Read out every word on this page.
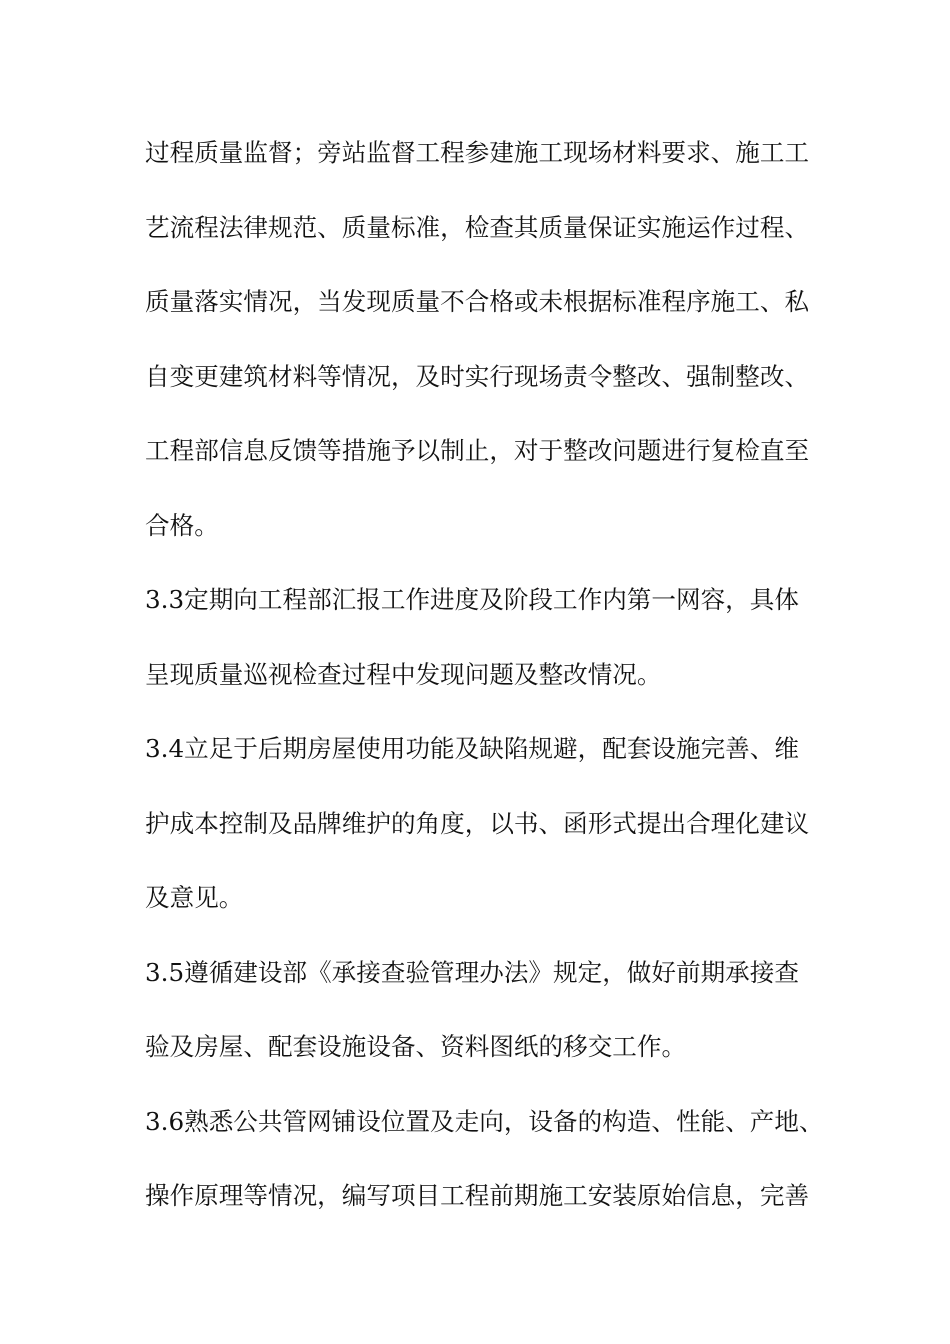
过程质量监督；旁站监督工程参建施工现场材料要求、施工工

艺流程法律规范、质量标准，检查其质量保证实施运作过程、

质量落实情况，当发现质量不合格或未根据标准程序施工、私

自变更建筑材料等情况，及时实行现场责令整改、强制整改、

工程部信息反馈等措施予以制止，对于整改问题进行复检直至

合格。

3.3定期向工程部汇报工作进度及阶段工作内第一网容，具体

呈现质量巡视检查过程中发现问题及整改情况。

3.4立足于后期房屋使用功能及缺陷规避，配套设施完善、维

护成本控制及品牌维护的角度，以书、函形式提出合理化建议

及意见。

3.5遵循建设部《承接查验管理办法》规定，做好前期承接查

验及房屋、配套设施设备、资料图纸的移交工作。

3.6熟悉公共管网铺设位置及走向，设备的构造、性能、产地、

操作原理等情况，编写项目工程前期施工安装原始信息，完善
